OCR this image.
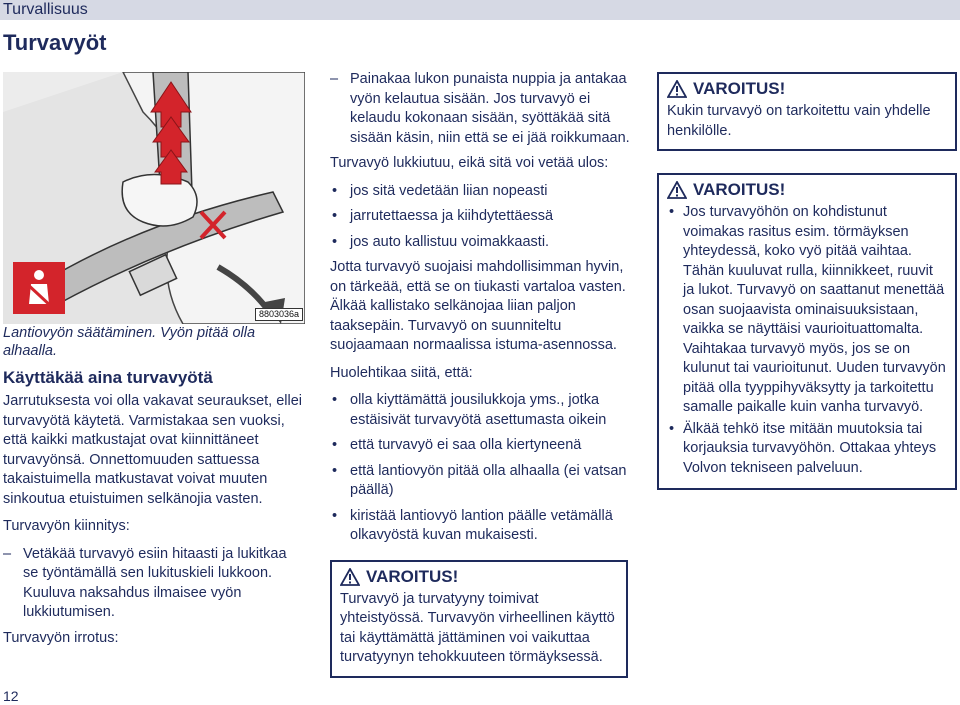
Turvallisuus
Turvavyöt
8803036a

Lantiovyön säätäminen. Vyön pitää olla alhaalla.

Käyttäkää aina turvavyötä

Jarrutuksesta voi olla vakavat seuraukset, ellei turvavyötä käytetä. Varmistakaa sen vuoksi, että kaikki matkustajat ovat kiinnittäneet turvavyönsä. Onnettomuuden sattuessa takaistuimella matkustavat voivat muuten sinkoutua etuistuimen selkänojia vasten.

Turvavyön kiinnitys:

– Vetäkää turvavyö esiin hitaasti ja lukitkaa se työntämällä sen lukituskieli lukkoon. Kuuluva naksahdus ilmaisee vyön lukkiutumisen.

Turvavyön irrotus:

– Painakaa lukon punaista nuppia ja antakaa vyön kelautua sisään. Jos turvavyö ei kelaudu kokonaan sisään, syöttäkää sitä sisään käsin, niin että se ei jää roikkumaan.

Turvavyö lukkiutuu, eikä sitä voi vetää ulos:

• jos sitä vedetään liian nopeasti
• jarrutettaessa ja kiihdytettäessä
• jos auto kallistuu voimakkaasti.

Jotta turvavyö suojaisi mahdollisimman hyvin, on tärkeää, että se on tiukasti vartaloa vasten. Älkää kallistako selkänojaa liian paljon taaksepäin. Turvavyö on suunniteltu suojaamaan normaalissa istuma-asennossa.

Huolehtikaa siitä, että:

• olla kiyttämättä jousilukkoja yms., jotka estäisivät turvavyötä asettumasta oikein
• että turvavyö ei saa olla kiertyneenä
• että lantiovyön pitää olla alhaalla (ei vatsan päällä)
• kiristää lantiovyö lantion päälle vetämällä olkavyöstä kuvan mukaisesti.
VAROITUS!

Turvavyö ja turvatyyny toimivat yhteistyössä. Turvavyön virheellinen käyttö tai käyttämättä jättäminen voi vaikuttaa turvatyynyn tehokkuuteen törmäyksessä.

VAROITUS!

Kukin turvavyö on tarkoitettu vain yhdelle henkilölle.

VAROITUS!
• Jos turvavyöhön on kohdistunut voimakas rasitus esim. törmäyksen yhteydessä, koko vyö pitää vaihtaa. Tähän kuuluvat rulla, kiinnikkeet, ruuvit ja lukot. Turvavyö on saattanut menettää osan suojaavista ominaisuuksistaan, vaikka se näyttäisi vaurioituattomalta. Vaihtakaa turvavyö myös, jos se on kulunut tai vaurioitunut. Uuden turvavyön pitää olla tyyppihyväksytty ja tarkoitettu samalle paikalle kuin vanha turvavyö.
• Älkää tehkö itse mitään muutoksia tai korjauksia turvavyöhön. Ottakaa yhteys Volvon tekniseen palveluun.
12
